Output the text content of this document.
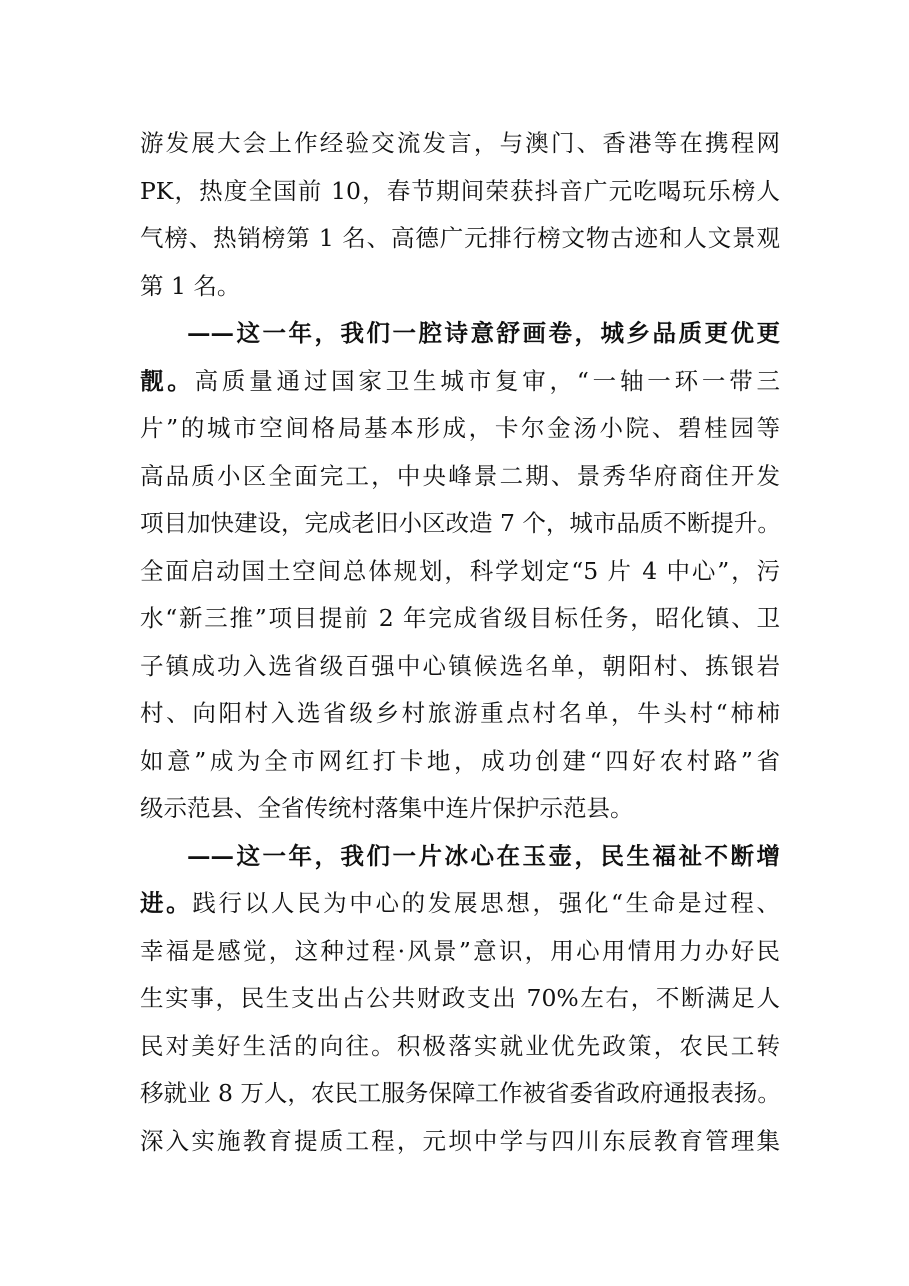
游发展大会上作经验交流发言，与澳门、香港等在携程网
PK，热度全国前 10，春节期间荣获抖音广元吃喝玩乐榜人
气榜、热销榜第 1 名、高德广元排行榜文物古迹和人文景观
第 1 名。
——这一年，我们一腔诗意舒画卷，城乡品质更优更
靓。高质量通过国家卫生城市复审，“一轴一环一带三
片”的城市空间格局基本形成，卡尔金汤小院、碧桂园等
高品质小区全面完工，中央峰景二期、景秀华府商住开发
项目加快建设，完成老旧小区改造 7 个，城市品质不断提升。
全面启动国土空间总体规划，科学划定“5 片 4 中心”，污
水“新三推”项目提前 2 年完成省级目标任务，昭化镇、卫
子镇成功入选省级百强中心镇候选名单，朝阳村、拣银岩
村、向阳村入选省级乡村旅游重点村名单，牛头村“柿柿
如意”成为全市网红打卡地，成功创建“四好农村路”省
级示范县、全省传统村落集中连片保护示范县。
——这一年，我们一片冰心在玉壶，民生福祉不断增
进。践行以人民为中心的发展思想，强化“生命是过程、
幸福是感觉，这种过程·风景”意识，用心用情用力办好民
生实事，民生支出占公共财政支出 70%左右，不断满足人
民对美好生活的向往。积极落实就业优先政策，农民工转
移就业 8 万人，农民工服务保障工作被省委省政府通报表扬。
深入实施教育提质工程，元坝中学与四川东辰教育管理集
